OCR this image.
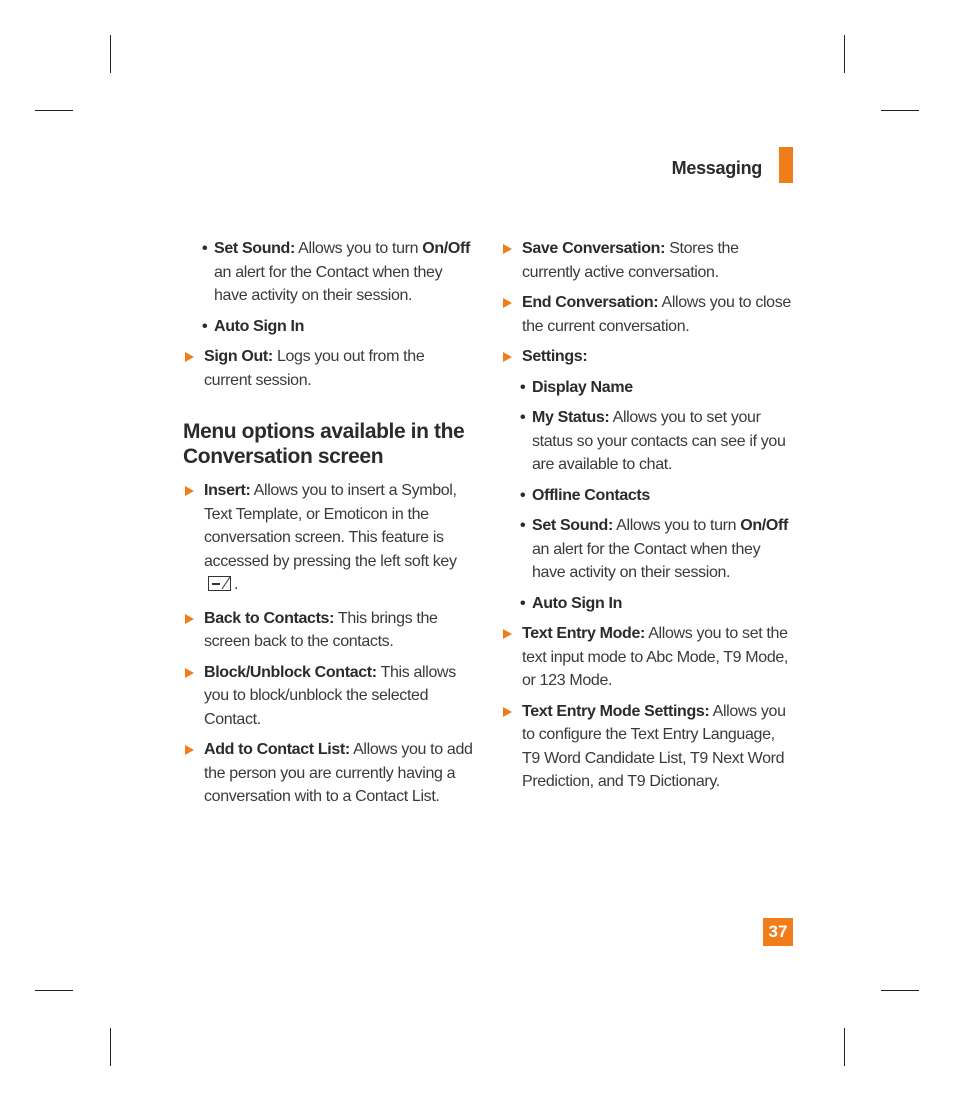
Messaging
• Set Sound: Allows you to turn On/Off an alert for the Contact when they have activity on their session.
• Auto Sign In
Sign Out: Logs you out from the current session.
Menu options available in the Conversation screen
Insert: Allows you to insert a Symbol, Text Template, or Emoticon in the conversation screen. This feature is accessed by pressing the left soft key .
Back to Contacts: This brings the screen back to the contacts.
Block/Unblock Contact: This allows you to block/unblock the selected Contact.
Add to Contact List: Allows you to add the person you are currently having a conversation with to a Contact List.
Save Conversation: Stores the currently active conversation.
End Conversation: Allows you to close the current conversation.
Settings:
• Display Name
• My Status: Allows you to set your status so your contacts can see if you are available to chat.
• Offline Contacts
• Set Sound: Allows you to turn On/Off an alert for the Contact when they have activity on their session.
• Auto Sign In
Text Entry Mode: Allows you to set the text input mode to Abc Mode, T9 Mode, or 123 Mode.
Text Entry Mode Settings: Allows you to configure the Text Entry Language, T9 Word Candidate List, T9 Next Word Prediction, and T9 Dictionary.
37
